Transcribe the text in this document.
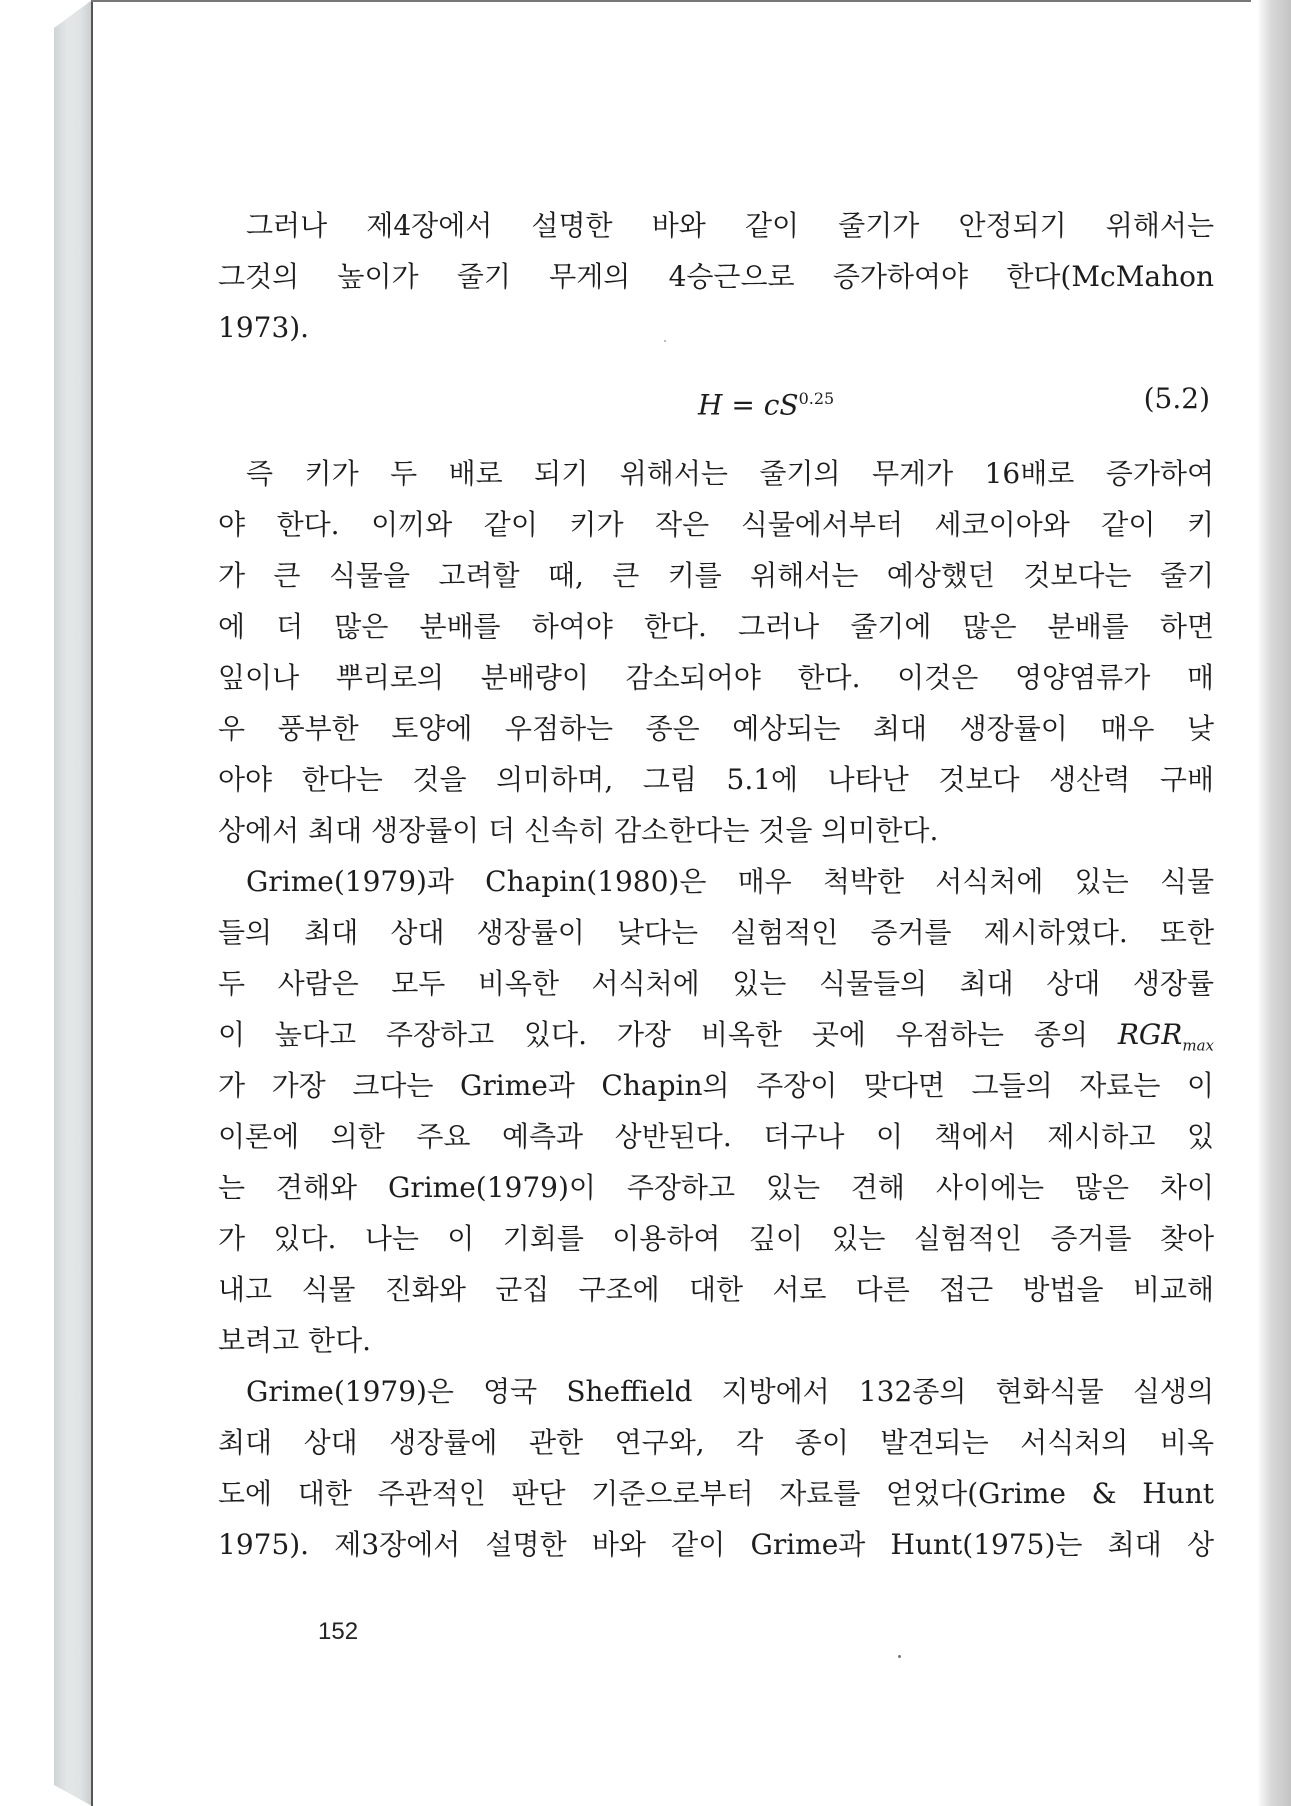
그러나 제4장에서 설명한 바와 같이 줄기가 안정되기 위해서는
그것의 높이가 줄기 무게의 4승근으로 증가하여야 한다(McMahon
1973).
$H = cS^{0.25}$	(5.2)
즉 키가 두 배로 되기 위해서는 줄기의 무게가 16배로 증가하여
야 한다. 이끼와 같이 키가 작은 식물에서부터 세코이아와 같이 키
가 큰 식물을 고려할 때, 큰 키를 위해서는 예상했던 것보다는 줄기
에 더 많은 분배를 하여야 한다. 그러나 줄기에 많은 분배를 하면
잎이나 뿌리로의 분배량이 감소되어야 한다. 이것은 영양염류가 매
우 풍부한 토양에 우점하는 종은 예상되는 최대 생장률이 매우 낮
아야 한다는 것을 의미하며, 그림 5.1에 나타난 것보다 생산력 구배
상에서 최대 생장률이 더 신속히 감소한다는 것을 의미한다.
Grime(1979)과 Chapin(1980)은 매우 척박한 서식처에 있는 식물
들의 최대 상대 생장률이 낮다는 실험적인 증거를 제시하였다. 또한
두 사람은 모두 비옥한 서식처에 있는 식물들의 최대 상대 생장률
이 높다고 주장하고 있다. 가장 비옥한 곳에 우점하는 종의 $RGR_{max}$
가 가장 크다는 Grime과 Chapin의 주장이 맞다면 그들의 자료는 이
이론에 의한 주요 예측과 상반된다. 더구나 이 책에서 제시하고 있
는 견해와 Grime(1979)이 주장하고 있는 견해 사이에는 많은 차이
가 있다. 나는 이 기회를 이용하여 깊이 있는 실험적인 증거를 찾아
내고 식물 진화와 군집 구조에 대한 서로 다른 접근 방법을 비교해
보려고 한다.
Grime(1979)은 영국 Sheffield 지방에서 132종의 현화식물 실생의
최대 상대 생장률에 관한 연구와, 각 종이 발견되는 서식처의 비옥
도에 대한 주관적인 판단 기준으로부터 자료를 얻었다(Grime & Hunt
1975). 제3장에서 설명한 바와 같이 Grime과 Hunt(1975)는 최대 상
152
